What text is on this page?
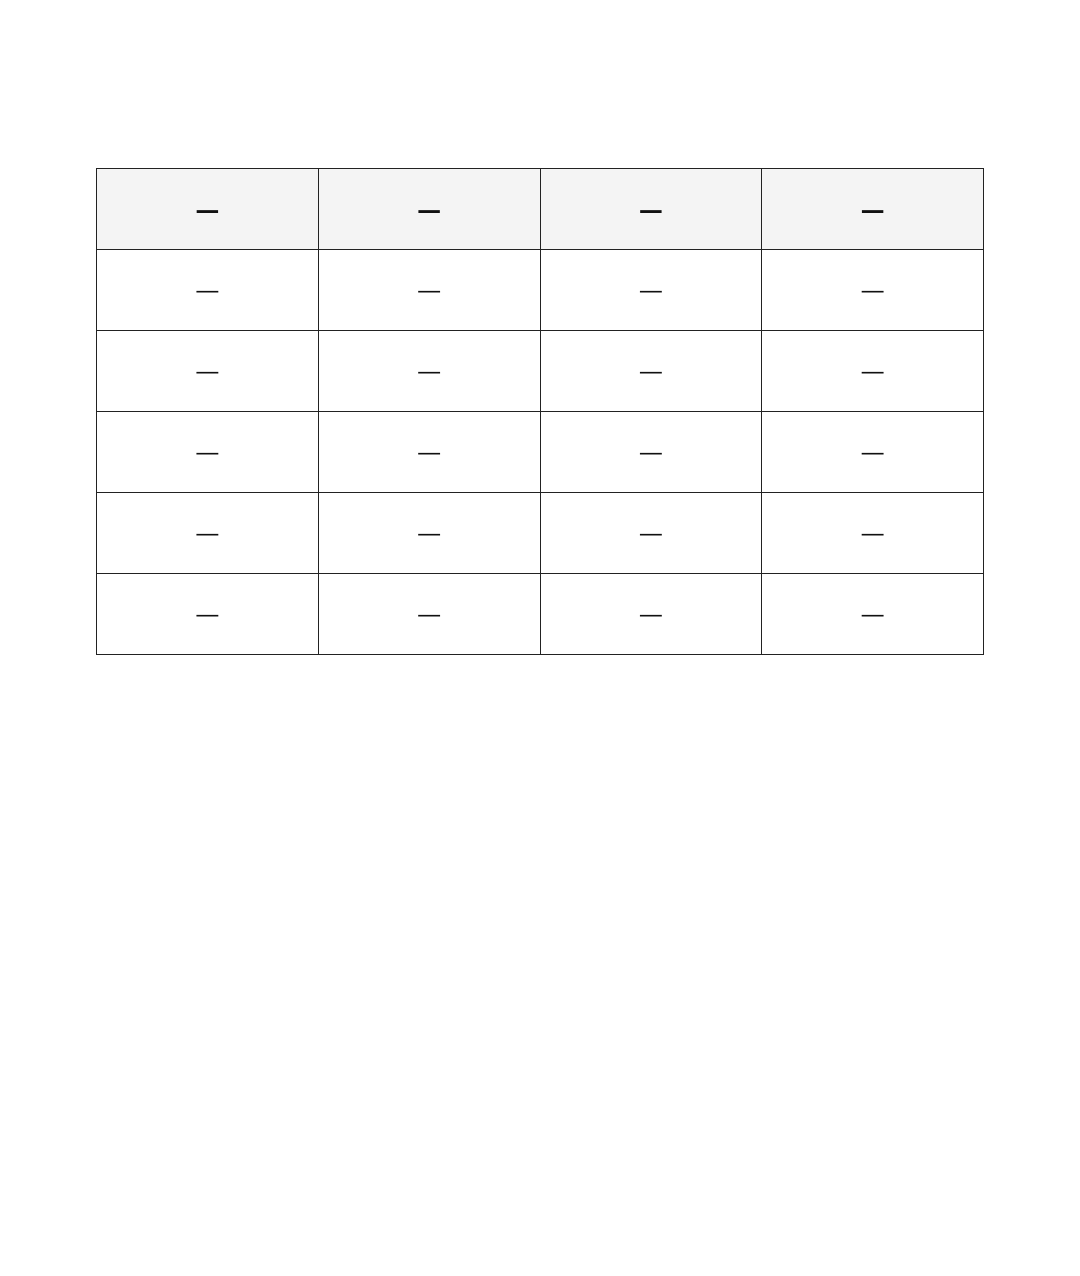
—	—	—	—
—	—	—	—
—	—	—	—
—	—	—	—
—	—	—	—
—	—	—	—
